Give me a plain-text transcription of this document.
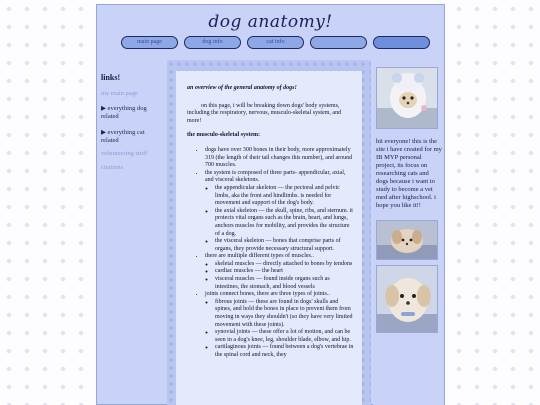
dog anatomy!
main page	dog info	cat info
links!
my main page
▶ everything dog related
▶ everything cat related
volunteering stuff
citations
an overview of the general anatomy of dogs!
on this page, i will be breaking down dogs' body systems, including the respiratory, nervous, musculo-skeletal system, and more!
the musculo-skeletal system:
• dogs have over 300 bones in their body, more approximately 319 (the length of their tail changes this number), and around 700 muscles.
• the system is composed of three parts- appendicular, axial, and visceral skeletons.
◦ the appendicular skeleton — the pectoral and pelvic limbs, aka the front and hindlimbs. is needed for movement and support of the dog's body.
◦ the axial skeleton — the skull, spine, ribs, and sternum. it protects vital organs such as the brain, heart, and lungs, anchors muscles for mobility, and provides the structure of a dog.
◦ the visceral skeleton — bones that comprise parts of organs, they provide necessary structural support.
• there are multiple different types of muscles..
◦ skeletal muscles — directly attached to bones by tendons
◦ cardiac muscles — the heart
◦ visceral muscles — found inside organs such as intestines, the stomach, and blood vessels
• joints connect bones, there are three types of joints..
◦ fibrous joints — these are found in dogs' skulls and spines, and hold the bones in place to prevent them from moving in ways they shouldn't (so they have very limited movement with these joints).
◦ synovial joints — these offer a lot of motion, and can be seen in a dog's knee, leg, shoulder blade, elbow, and hip.
◦ cartilaginous joints — found between a dog's vertebrae in the spinal cord and neck, they
hii everyone! this is the site i have created for my IB MYP personal project, its focus on researching cats and dogs because i want to study to become a vet med after highschool. i hope you like it!!
